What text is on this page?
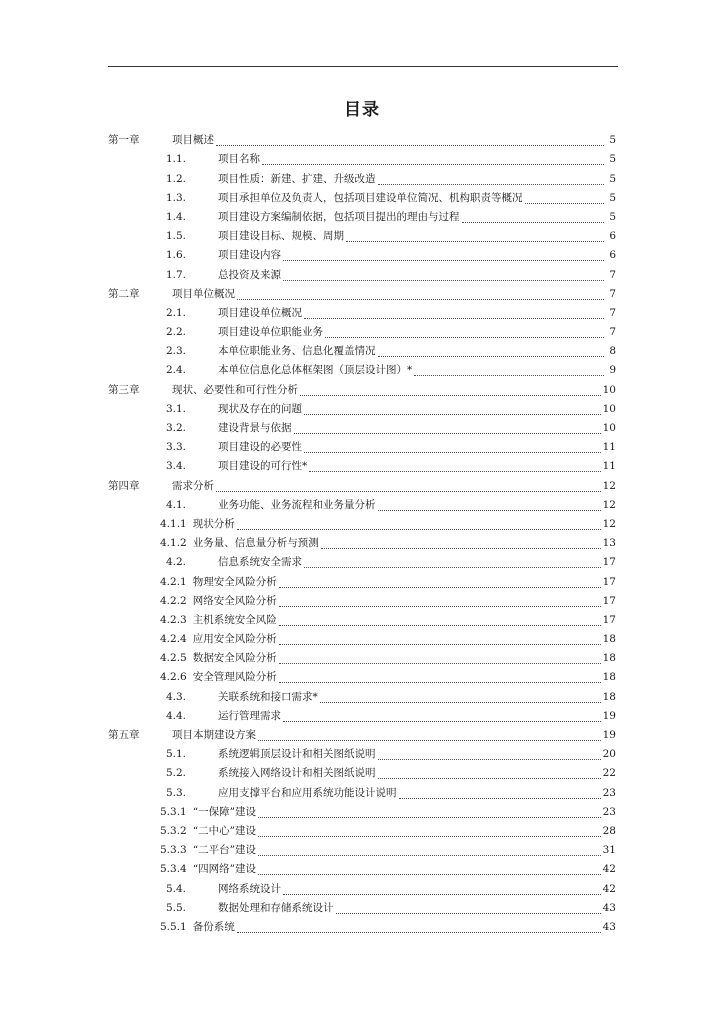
目录
第一章	项目概述	5
1.1.	项目名称	5
1.2.	项目性质：新建、扩建、升级改造	5
1.3.	项目承担单位及负责人，包括项目建设单位简况、机构职责等概况	5
1.4.	项目建设方案编制依据，包括项目提出的理由与过程	5
1.5.	项目建设目标、规模、周期	6
1.6.	项目建设内容	6
1.7.	总投资及来源	7
第二章	项目单位概况	7
2.1.	项目建设单位概况	7
2.2.	项目建设单位职能业务	7
2.3.	本单位职能业务、信息化覆盖情况	8
2.4.	本单位信息化总体框架图（顶层设计图）*	9
第三章	现状、必要性和可行性分析	10
3.1.	现状及存在的问题	10
3.2.	建设背景与依据	10
3.3.	项目建设的必要性	11
3.4.	项目建设的可行性*	11
第四章	需求分析	12
4.1.	业务功能、业务流程和业务量分析	12
4.1.1 现状分析	12
4.1.2 业务量、信息量分析与预测	13
4.2.	信息系统安全需求	17
4.2.1 物理安全风险分析	17
4.2.2 网络安全风险分析	17
4.2.3 主机系统安全风险	17
4.2.4 应用安全风险分析	18
4.2.5 数据安全风险分析	18
4.2.6 安全管理风险分析	18
4.3.	关联系统和接口需求*	18
4.4.	运行管理需求	19
第五章	项目本期建设方案	19
5.1.	系统逻辑顶层设计和相关图纸说明	20
5.2.	系统接入网络设计和相关图纸说明	22
5.3.	应用支撑平台和应用系统功能设计说明	23
5.3.1 “一保障”建设	23
5.3.2 “二中心”建设	28
5.3.3 “二平台”建设	31
5.3.4 “四网络”建设	42
5.4.	网络系统设计	42
5.5.	数据处理和存储系统设计	43
5.5.1 备份系统	43
